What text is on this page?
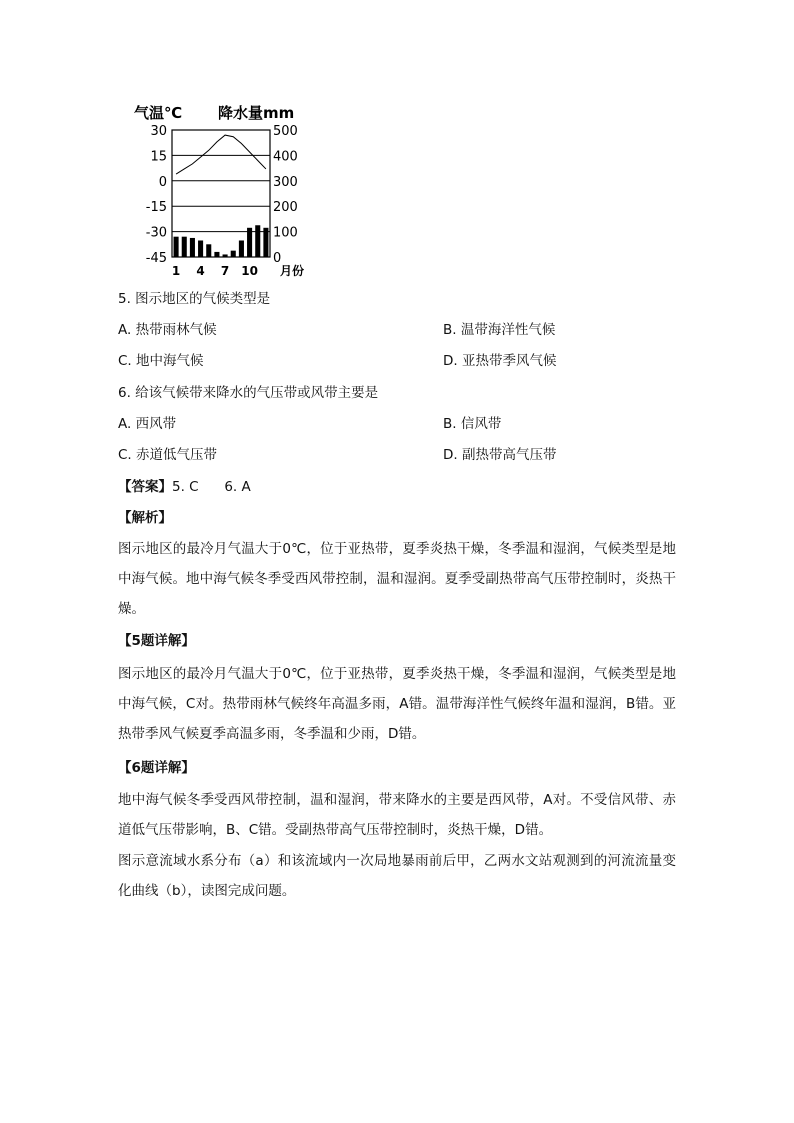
气温℃ 降水量mm
30
15
0
-15
-30
-45
500
400
300
200
100
0
1 4 7 10 月份
5. 图示地区的气候类型是
A. 热带雨林气候	B. 温带海洋性气候
C. 地中海气候	D. 亚热带季风气候
6. 给该气候带来降水的气压带或风带主要是
A. 西风带	B. 信风带
C. 赤道低气压带	D. 副热带高气压带
【答案】5. C      6. A
【解析】
图示地区的最冷月气温大于0℃，位于亚热带，夏季炎热干燥，冬季温和湿润，气候类型是地中海气候。地中海气候冬季受西风带控制，温和湿润。夏季受副热带高气压带控制时，炎热干燥。
【5题详解】
图示地区的最冷月气温大于0℃，位于亚热带，夏季炎热干燥，冬季温和湿润，气候类型是地中海气候，C对。热带雨林气候终年高温多雨，A错。温带海洋性气候终年温和湿润，B错。亚热带季风气候夏季高温多雨，冬季温和少雨，D错。
【6题详解】
地中海气候冬季受西风带控制，温和湿润，带来降水的主要是西风带，A对。不受信风带、赤道低气压带影响，B、C错。受副热带高气压带控制时，炎热干燥，D错。
图示意流域水系分布（a）和该流域内一次局地暴雨前后甲，乙两水文站观测到的河流流量变化曲线（b），读图完成问题。
